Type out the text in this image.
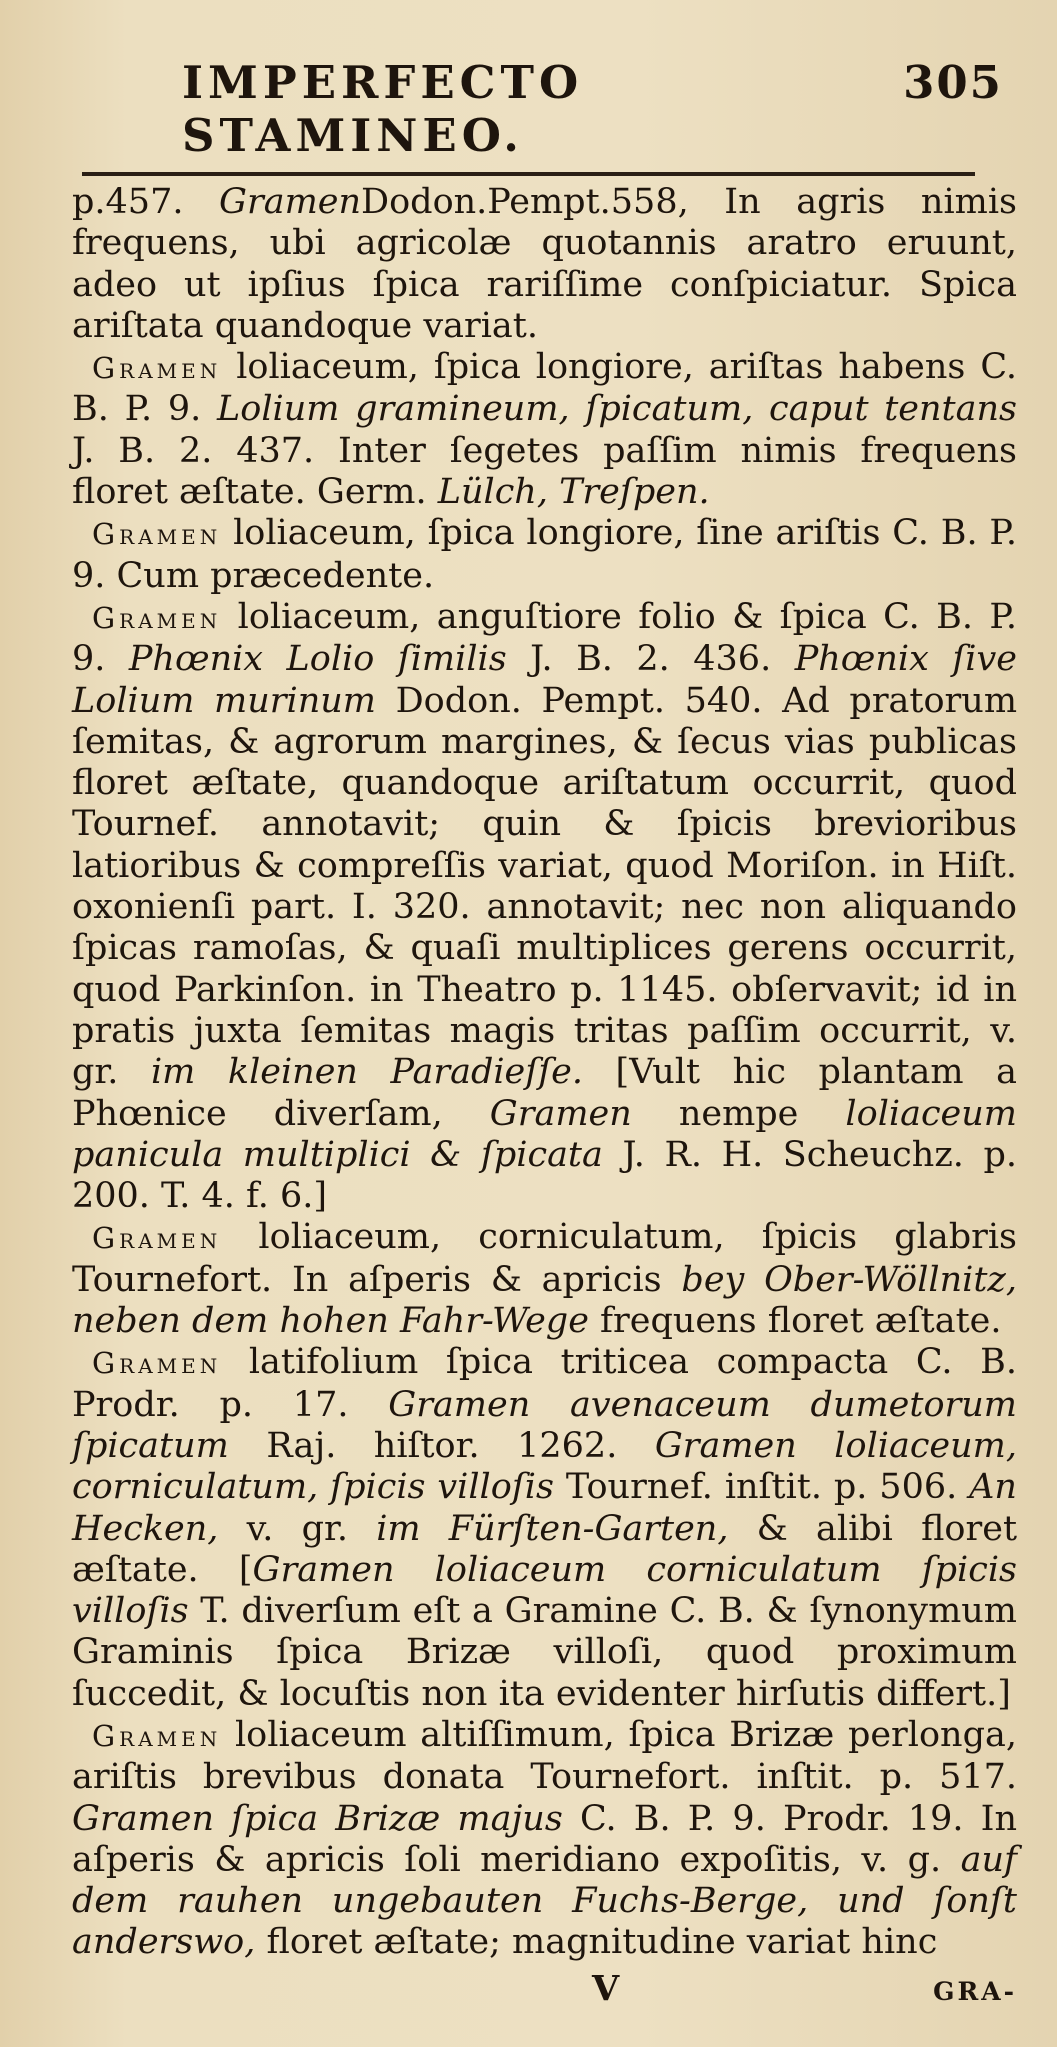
IMPERFECTO STAMINEO.
305

p.457. GramenDodon.Pempt.558, In agris nimis frequens, ubi agricolæ quotannis aratro eruunt, adeo ut ipſius ſpica rariſſime conſpiciatur. Spica ariſtata quandoque variat.

Gramen loliaceum, ſpica longiore, ariſtas habens C. B. P. 9. Lolium gramineum, ſpicatum, caput tentans J. B. 2. 437. Inter ſegetes paſſim nimis frequens floret æſtate. Germ. Lülch, Treſpen.

Gramen loliaceum, ſpica longiore, ſine ariſtis C. B. P. 9. Cum præcedente.

Gramen loliaceum, anguſtiore folio & ſpica C. B. P. 9. Phœnix Lolio ſimilis J. B. 2. 436. Phœnix ſive Lolium murinum Dodon. Pempt. 540. Ad pratorum ſemitas, & agrorum margines, & ſecus vias publicas floret æſtate, quandoque ariſtatum occurrit, quod Tournef. annotavit; quin & ſpicis brevioribus latioribus & compreſſis variat, quod Moriſon. in Hiſt. oxonienſi part. I. 320. annotavit; nec non aliquando ſpicas ramoſas, & quaſi multiplices gerens occurrit, quod Parkinſon. in Theatro p. 1145. obſervavit; id in pratis juxta ſemitas magis tritas paſſim occurrit, v. gr. im kleinen Paradieſſe. [Vult hic plantam a Phœnice diverſam, Gramen nempe loliaceum panicula multiplici & ſpicata J. R. H. Scheuchz. p. 200. T. 4. f. 6.]

Gramen loliaceum, corniculatum, ſpicis glabris Tournefort. In aſperis & apricis bey Ober-Wöllnitz, neben dem hohen Fahr-Wege frequens floret æſtate.

Gramen latifolium ſpica triticea compacta C. B. Prodr. p. 17. Gramen avenaceum dumetorum ſpicatum Raj. hiſtor. 1262. Gramen loliaceum, corniculatum, ſpicis villoſis Tournef. inſtit. p. 506. An Hecken, v. gr. im Fürſten-Garten, & alibi floret æſtate. [Gramen loliaceum corniculatum ſpicis villoſis T. diverſum eſt a Gramine C. B. & ſynonymum Graminis ſpica Brizæ villoſi, quod proximum ſuccedit, & locuſtis non ita evidenter hirſutis differt.]

Gramen loliaceum altiſſimum, ſpica Brizæ perlonga, ariſtis brevibus donata Tournefort. inſtit. p. 517. Gramen ſpica Brizæ majus C. B. P. 9. Prodr. 19. In aſperis & apricis ſoli meridiano expoſitis, v. g. auf dem rauhen ungebauten Fuchs-Berge, und ſonſt anderswo, floret æſtate; magnitudine variat hinc

V	GRA-
